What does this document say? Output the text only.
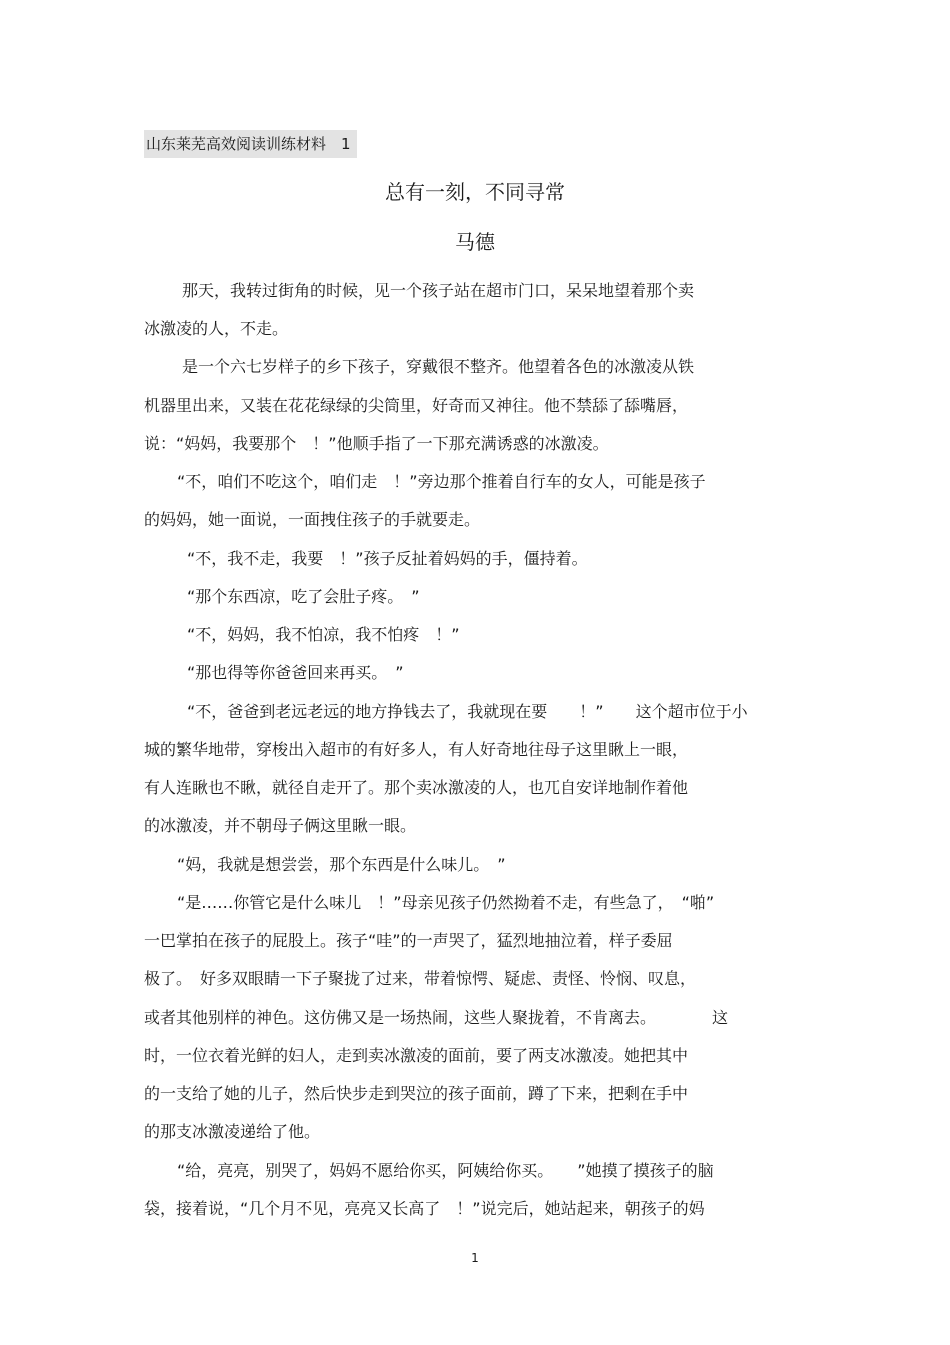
山东莱芜高效阅读训练材料　1
总有一刻，不同寻常
马德
那天，我转过街角的时候，见一个孩子站在超市门口，呆呆地望着那个卖
冰激凌的人，不走。
是一个六七岁样子的乡下孩子，穿戴很不整齐。他望着各色的冰激凌从铁
机器里出来，又装在花花绿绿的尖筒里，好奇而又神往。他不禁舔了舔嘴唇，
说：“妈妈，我要那个　！”他顺手指了一下那充满诱惑的冰激凌。
“不，咱们不吃这个，咱们走　！”旁边那个推着自行车的女人，可能是孩子
的妈妈，她一面说，一面拽住孩子的手就要走。
“不，我不走，我要　！”孩子反扯着妈妈的手，僵持着。
“那个东西凉，吃了会肚子疼。　”
“不，妈妈，我不怕凉，我不怕疼　！”
“那也得等你爸爸回来再买。　”
“不，爸爸到老远老远的地方挣钱去了，我就现在要　　！”　　这个超市位于小
城的繁华地带，穿梭出入超市的有好多人，有人好奇地往母子这里瞅上一眼，
有人连瞅也不瞅，就径自走开了。那个卖冰激凌的人，也兀自安详地制作着他
的冰激凌，并不朝母子俩这里瞅一眼。
“妈，我就是想尝尝，那个东西是什么味儿。　”
“是……你管它是什么味儿　！”母亲见孩子仍然拗着不走，有些急了，　“啪”
一巴掌拍在孩子的屁股上。孩子“哇”的一声哭了，猛烈地抽泣着，样子委屈
极了。　好多双眼睛一下子聚拢了过来，带着惊愕、疑虑、责怪、怜悯、叹息，
或者其他别样的神色。这仿佛又是一场热闹，这些人聚拢着，不肯离去。　　　　这
时，一位衣着光鲜的妇人，走到卖冰激凌的面前，要了两支冰激凌。她把其中
的一支给了她的儿子，然后快步走到哭泣的孩子面前，蹲了下来，把剩在手中
的那支冰激凌递给了他。
“给，亮亮，别哭了，妈妈不愿给你买，阿姨给你买。　　”她摸了摸孩子的脑
袋，接着说，“几个月不见，亮亮又长高了　！”说完后，她站起来，朝孩子的妈
1
